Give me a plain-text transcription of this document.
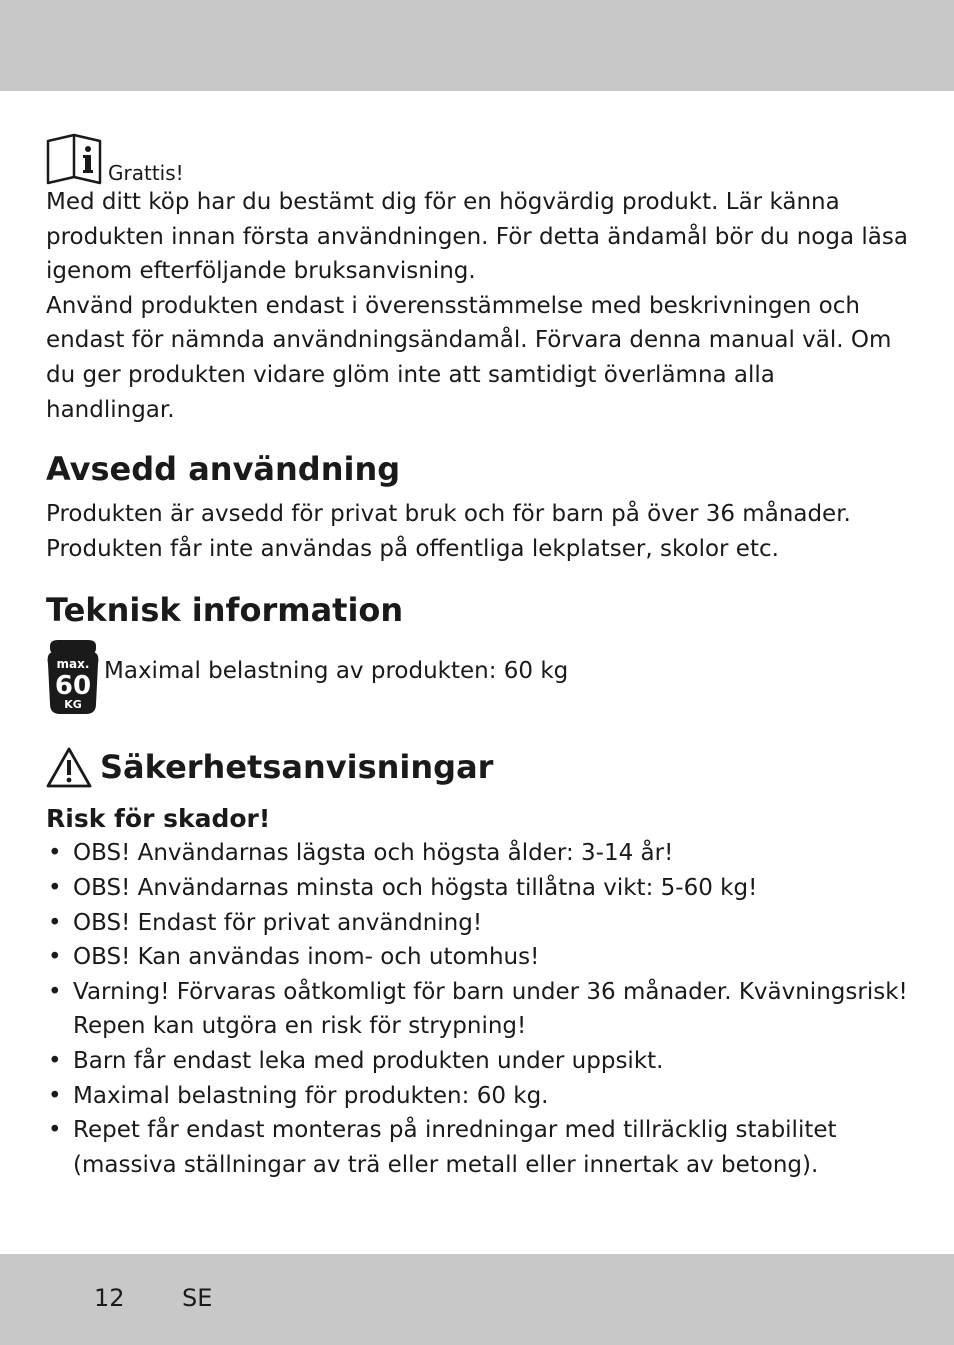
Grattis!

Med ditt köp har du bestämt dig för en högvärdig produkt. Lär känna produkten innan första användningen. För detta ändamål bör du noga läsa igenom efterföljande bruksanvisning.

Använd produkten endast i överensstämmelse med beskrivningen och endast för nämnda användningsändamål. Förvara denna manual väl. Om du ger produkten vidare glöm inte att samtidigt överlämna alla handlingar.

Avsedd användning

Produkten är avsedd för privat bruk och för barn på över 36 månader.

Produkten får inte användas på offentliga lekplatser, skolor etc.

Teknisk information
max.
60
KG
Maximal belastning av produkten: 60 kg
Säkerhetsanvisningar
Risk för skador!
• OBS! Användarnas lägsta och högsta ålder: 3-14 år!
• OBS! Användarnas minsta och högsta tillåtna vikt: 5-60 kg!
• OBS! Endast för privat användning!
• OBS! Kan användas inom- och utomhus!
• Varning! Förvaras oåtkomligt för barn under 36 månader. Kvävningsrisk! Repen kan utgöra en risk för strypning!
• Barn får endast leka med produkten under uppsikt.
• Maximal belastning för produkten: 60 kg.
• Repet får endast monteras på inredningar med tillräcklig stabilitet (massiva ställningar av trä eller metall eller innertak av betong).
12 SE
